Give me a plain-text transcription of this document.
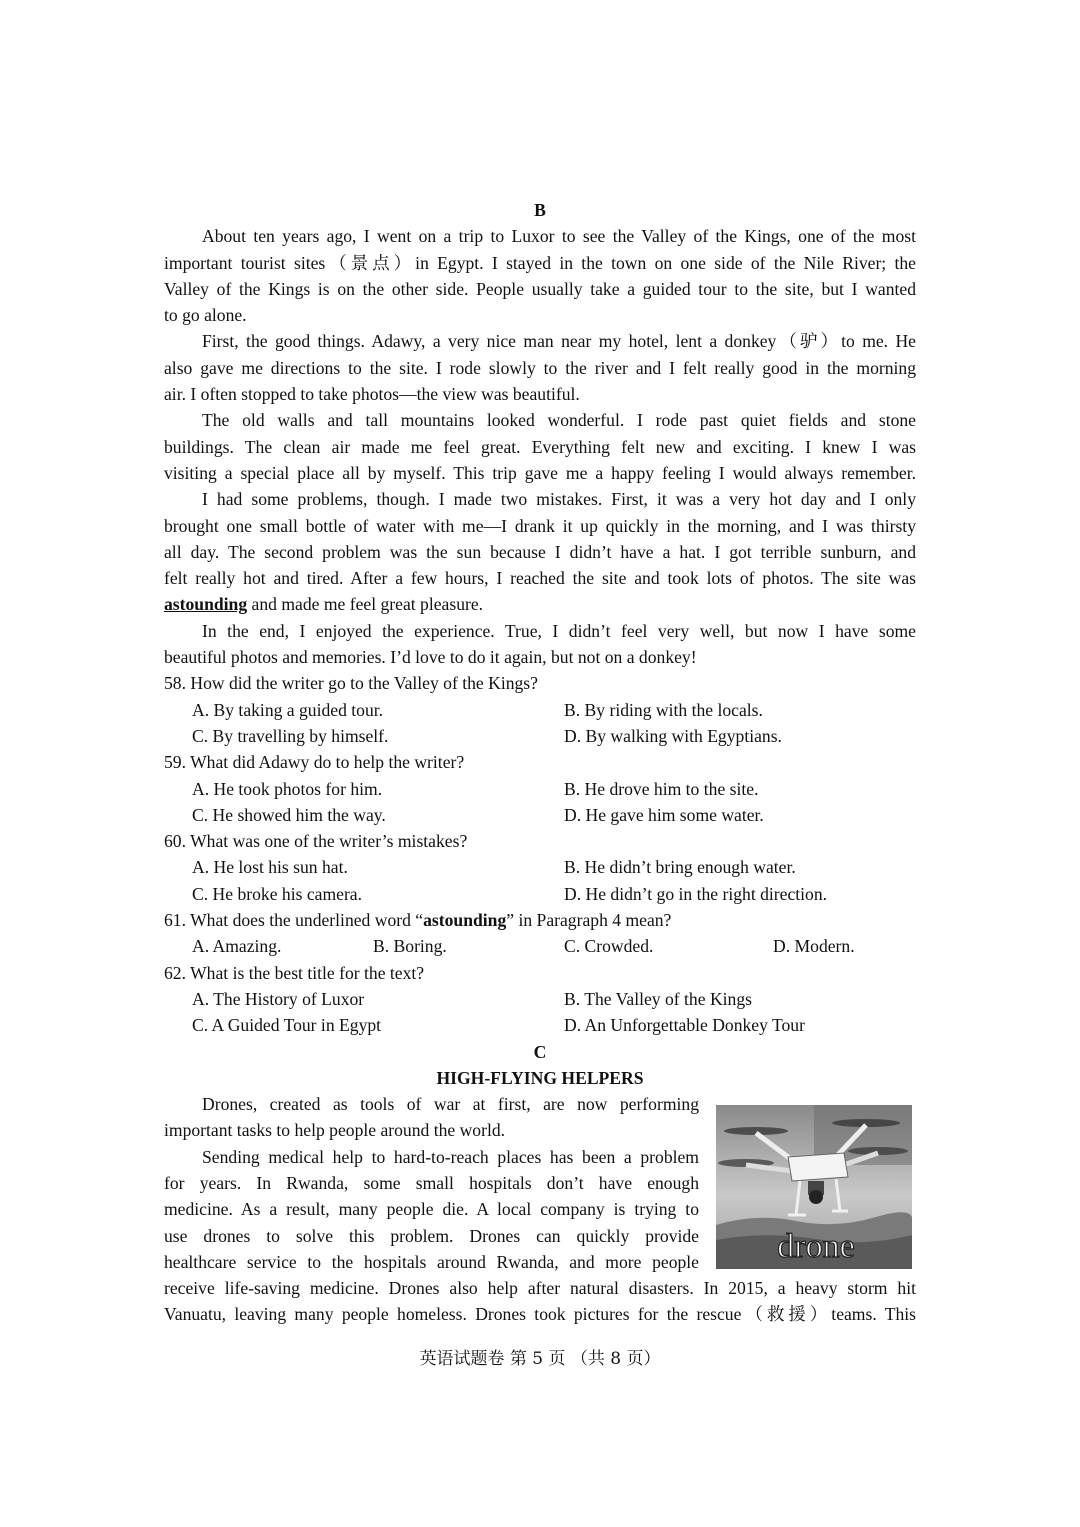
B
About ten years ago, I went on a trip to Luxor to see the Valley of the Kings, one of the most
important tourist sites（景点）in Egypt. I stayed in the town on one side of the Nile River; the
Valley of the Kings is on the other side. People usually take a guided tour to the site, but I wanted
to go alone.
First, the good things. Adawy, a very nice man near my hotel, lent a donkey（驴）to me. He
also gave me directions to the site. I rode slowly to the river and I felt really good in the morning
air. I often stopped to take photos—the view was beautiful.
The old walls and tall mountains looked wonderful. I rode past quiet fields and stone
buildings. The clean air made me feel great. Everything felt new and exciting. I knew I was
visiting a special place all by myself. This trip gave me a happy feeling I would always remember.
I had some problems, though. I made two mistakes. First, it was a very hot day and I only
brought one small bottle of water with me—I drank it up quickly in the morning, and I was thirsty
all day. The second problem was the sun because I didn’t have a hat. I got terrible sunburn, and
felt really hot and tired. After a few hours, I reached the site and took lots of photos. The site was
astounding and made me feel great pleasure.
In the end, I enjoyed the experience. True, I didn’t feel very well, but now I have some
beautiful photos and memories. I’d love to do it again, but not on a donkey!
58. How did the writer go to the Valley of the Kings?
A. By taking a guided tour.	B. By riding with the locals.
C. By travelling by himself.	D. By walking with Egyptians.
59. What did Adawy do to help the writer?
A. He took photos for him.	B. He drove him to the site.
C. He showed him the way.	D. He gave him some water.
60. What was one of the writer’s mistakes?
A. He lost his sun hat.	B. He didn’t bring enough water.
C. He broke his camera.	D. He didn’t go in the right direction.
61. What does the underlined word “astounding” in Paragraph 4 mean?
A. Amazing.	B. Boring.	C. Crowded.	D. Modern.
62. What is the best title for the text?
A. The History of Luxor	B. The Valley of the Kings
C. A Guided Tour in Egypt	D. An Unforgettable Donkey Tour
C
HIGH-FLYING HELPERS
Drones, created as tools of war at first, are now performing
important tasks to help people around the world.
Sending medical help to hard-to-reach places has been a problem
for years. In Rwanda, some small hospitals don’t have enough
medicine. As a result, many people die. A local company is trying to
use drones to solve this problem. Drones can quickly provide
healthcare service to the hospitals around Rwanda, and more people
receive life-saving medicine. Drones also help after natural disasters. In 2015, a heavy storm hit
Vanuatu, leaving many people homeless. Drones took pictures for the rescue（救援）teams. This
drone
英语试题卷 第 5 页 （共 8 页）
